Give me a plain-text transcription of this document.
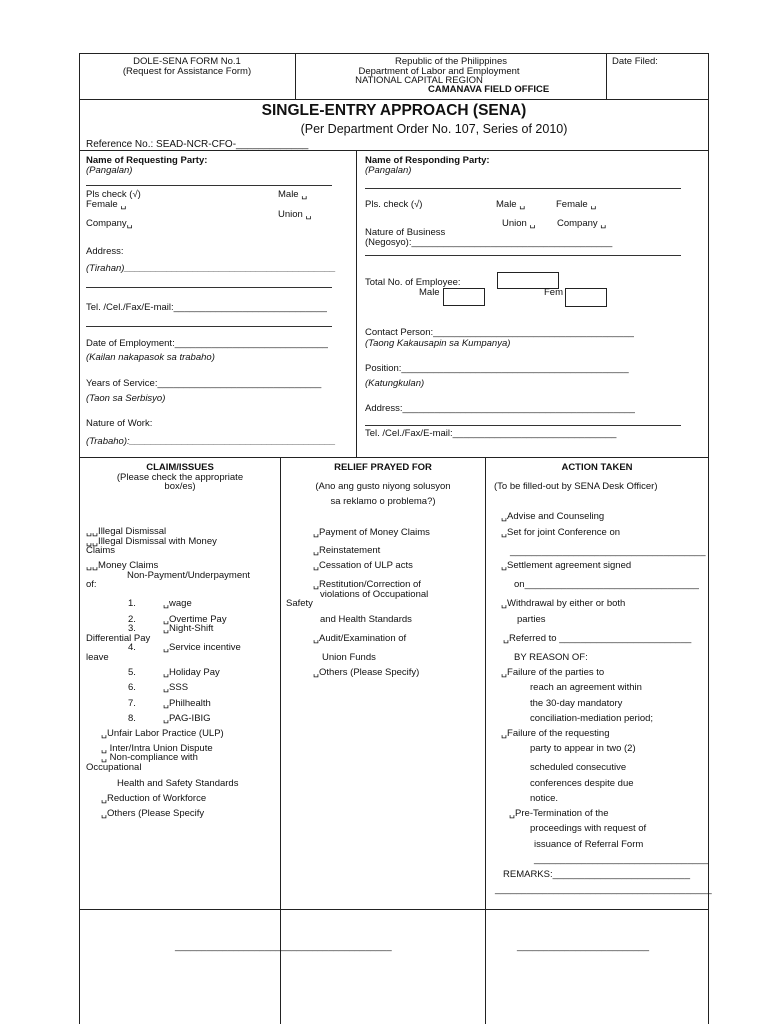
DOLE-SENA FORM No.1
(Request for Assistance Form)
Republic of the Philippines
Department of Labor and Employment
NATIONAL CAPITAL REGION
CAMANAVA FIELD OFFICE
Date Filed:
SINGLE-ENTRY APPROACH (SENA)
(Per Department Order No. 107, Series of 2010)
Reference No.: SEAD-NCR-CFO-_____________
Name of Requesting Party:
(Pangalan)
Pls check (√)	Male ␣
Female ␣
Union ␣
Company␣
Address:
(Tirahan)________________________________________
Tel. /Cel./Fax/E-mail:_____________________________
Date of Employment:_____________________________
(Kailan nakapasok sa trabaho)
Years of Service:_______________________________
(Taon sa Serbisyo)
Nature of Work:
(Trabaho):_______________________________________
Name of Responding Party:
(Pangalan)
Pls. check (√)	Male ␣	Female ␣
Union ␣ Company ␣
Nature of Business
(Negosyo):______________________________________
Total No. of Employee:
Male	Fem
Contact Person:______________________________________
(Taong Kakausapin sa Kumpanya)
Position:___________________________________________
(Katungkulan)
Address:____________________________________________
Tel. /Cel./Fax/E-mail:_______________________________
CLAIM/ISSUES
(Please check the appropriate
box/es)
␣␣Illegal Dismissal
␣␣Illegal Dismissal with Money
Claims
␣␣Money Claims
Non-Payment/Underpayment
of:
1.	␣wage
2.	␣Overtime Pay
3.	␣Night-Shift
Differential Pay
4.	␣Service incentive
leave
5.	␣Holiday Pay
6.	␣SSS
7.	␣Philhealth
8.	␣PAG-IBIG
␣Unfair Labor Practice (ULP)
␣ Inter/Intra Union Dispute
␣ Non-compliance with
Occupational
Health and Safety Standards
␣Reduction of Workforce
␣Others (Please Specify
RELIEF PRAYED FOR
(Ano ang gusto niyong solusyon
sa reklamo o problema?)
␣Payment of Money Claims
␣Reinstatement
␣Cessation of ULP acts
␣Restitution/Correction of
violations of Occupational
Safety
and Health Standards
␣Audit/Examination of
Union Funds
␣Others (Please Specify)
ACTION TAKEN
(To be filled-out by SENA Desk Officer)
␣Advise and Counseling
␣Set for joint Conference on
_____________________________________
␣Settlement agreement signed
on_________________________________
␣Withdrawal by either or both
parties
␣Referred to _________________________
BY REASON OF:
␣Failure of the parties to
reach an agreement within
the 30-day mandatory
conciliation-mediation period;
␣Failure of the requesting
party to appear in two (2)
scheduled consecutive
conferences despite due
notice.
␣Pre-Termination of the
proceedings with request of
issuance of Referral Form
_________________________________
REMARKS:__________________________
_________________________________________
_________________________________________	_________________________
